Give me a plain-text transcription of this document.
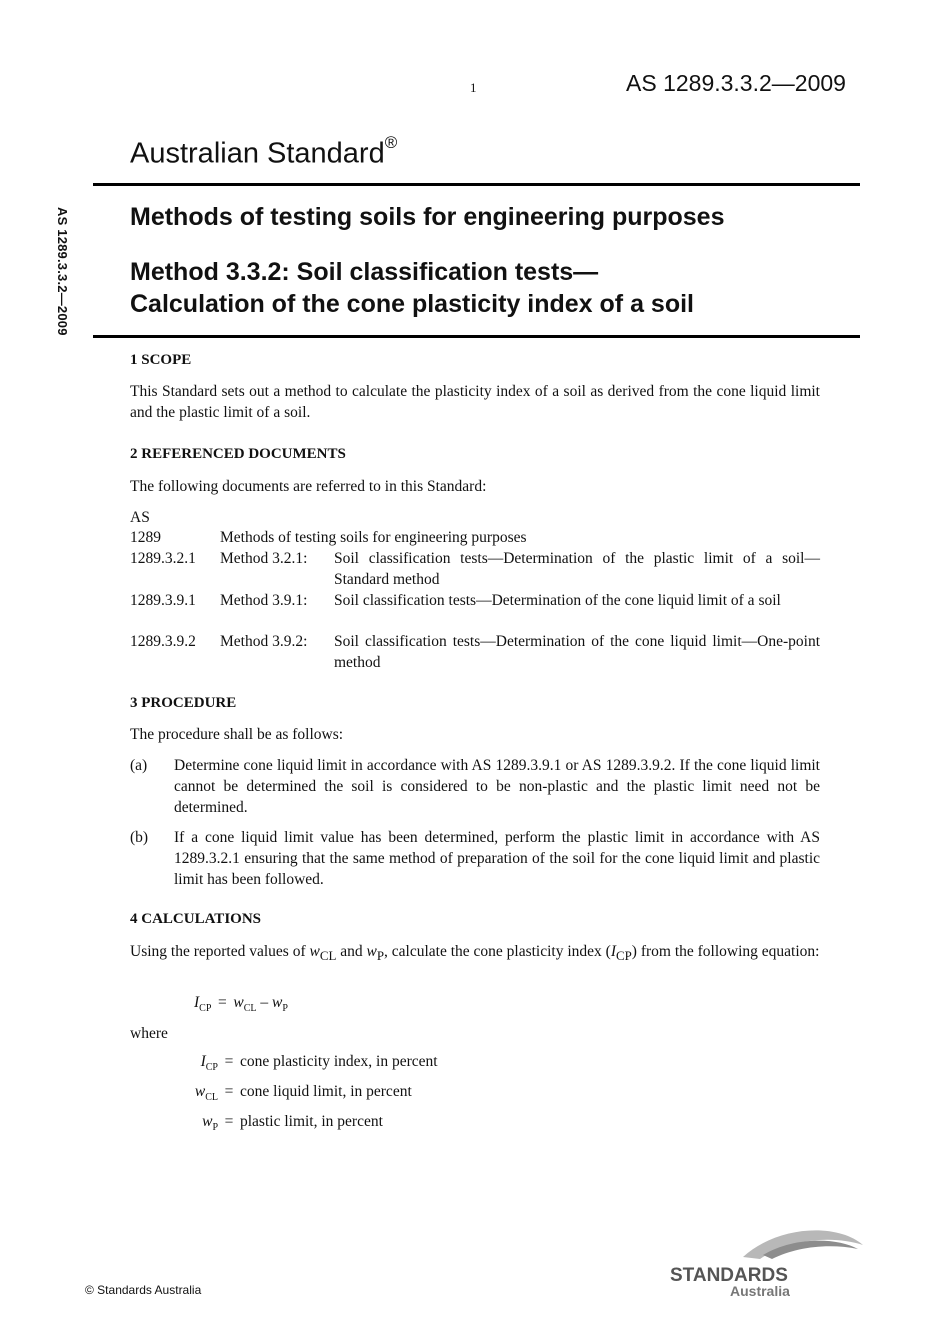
1	AS 1289.3.3.2—2009
Australian Standard®
AS 1289.3.3.2—2009 Methods of testing soils for engineering purposes
Method 3.3.2: Soil classification tests—
Calculation of the cone plasticity index of a soil
1 SCOPE
This Standard sets out a method to calculate the plasticity index of a soil as derived from the cone liquid limit and the plastic limit of a soil.
2 REFERENCED DOCUMENTS
The following documents are referred to in this Standard:
AS
1289	Methods of testing soils for engineering purposes
1289.3.2.1 Method 3.2.1: Soil classification tests—Determination of the plastic limit of a soil—Standard method
1289.3.9.1 Method 3.9.1: Soil classification tests—Determination of the cone liquid limit of a soil
1289.3.9.2 Method 3.9.2: Soil classification tests—Determination of the cone liquid limit—One-point method
3 PROCEDURE
The procedure shall be as follows:
(a) Determine cone liquid limit in accordance with AS 1289.3.9.1 or AS 1289.3.9.2. If the cone liquid limit cannot be determined the soil is considered to be non-plastic and the plastic limit need not be determined.
(b) If a cone liquid limit value has been determined, perform the plastic limit in accordance with AS 1289.3.2.1 ensuring that the same method of preparation of the soil for the cone liquid limit and plastic limit has been followed.
4 CALCULATIONS
Using the reported values of $w_{CL}$ and $w_P$, calculate the cone plasticity index $(I_{CP})$ from the following equation:
$I_{CP} = w_{CL} - w_P$
where
$I_{CP}$ = cone plasticity index, in percent
$w_{CL}$ = cone liquid limit, in percent
$w_P$ = plastic limit, in percent
© Standards Australia
STANDARDS
Australia
